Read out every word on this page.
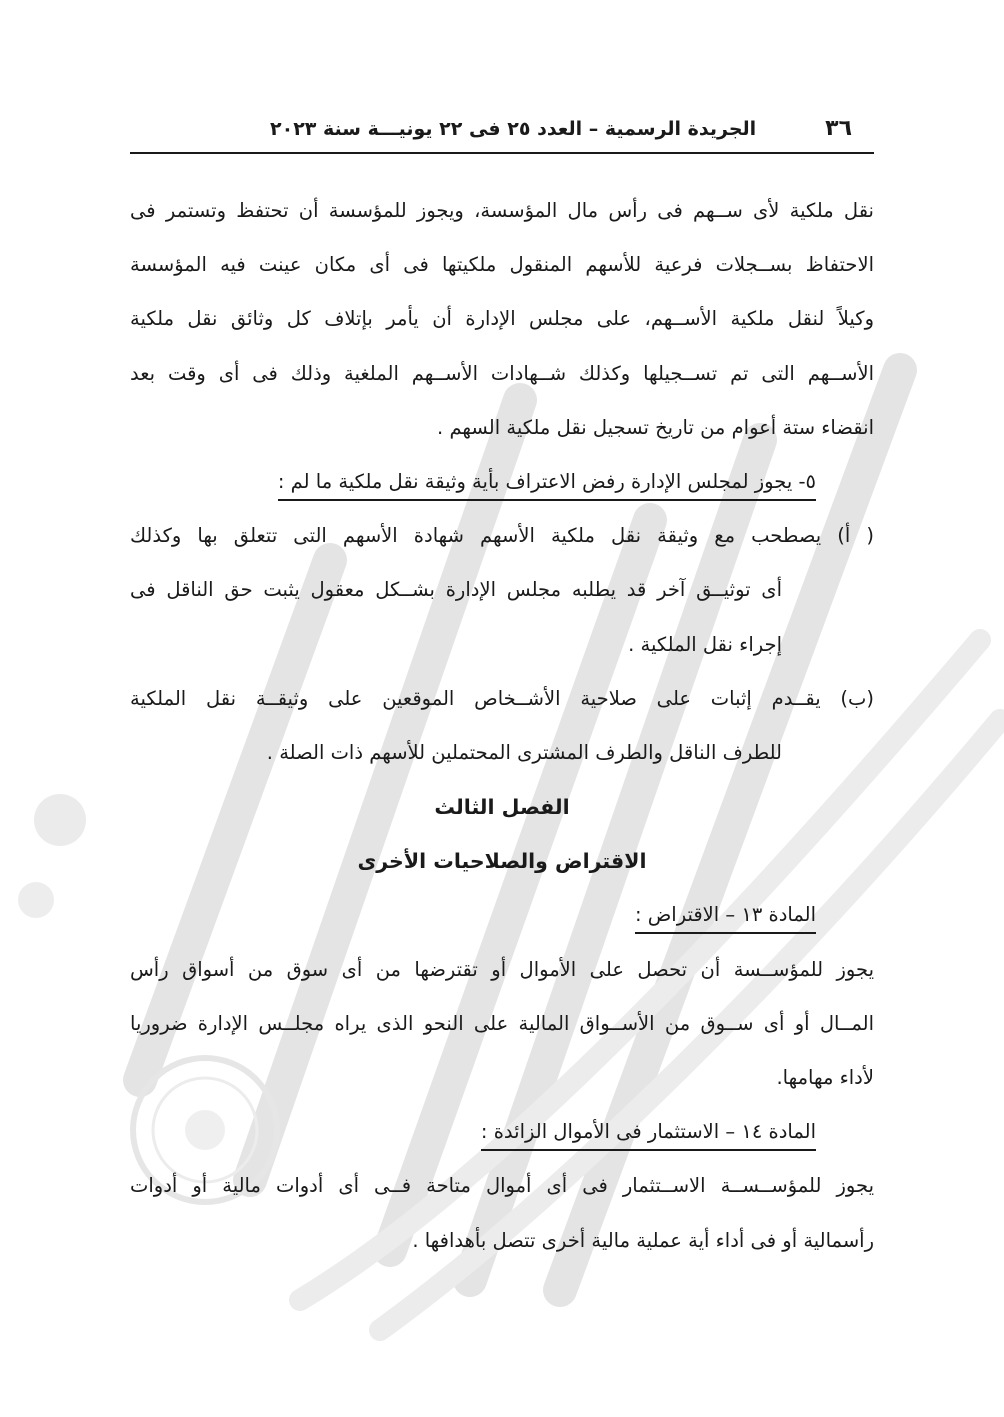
٣٦
الجريدة الرسمية – العدد ٢٥ فى ٢٢ يونيـــة سنة ٢٠٢٣
نقل ملكية لأى ســهم فى رأس مال المؤسسة، ويجوز للمؤسسة أن تحتفظ وتستمر فى
الاحتفاظ بســجلات فرعية للأسهم المنقول ملكيتها فى أى مكان عينت فيه المؤسسة
وكيلاً لنقل ملكية الأســهم، على مجلس الإدارة أن يأمر بإتلاف كل وثائق نقل ملكية
الأســهم التى تم تســجيلها وكذلك شــهادات الأســهم الملغية وذلك فى أى وقت بعد
انقضاء ستة أعوام من تاريخ تسجيل نقل ملكية السهم .
٥- يجوز لمجلس الإدارة رفض الاعتراف بأية وثيقة نقل ملكية ما لم :
( أ) يصطحب مع وثيقة نقل ملكية الأسهم شهادة الأسهم التى تتعلق بها وكذلك
أى توثيــق آخر قد يطلبه مجلس الإدارة بشــكل معقول يثبت حق الناقل فى
إجراء نقل الملكية .
(ب) يقــدم إثبات على صلاحية الأشــخاص الموقعين على وثيقــة نقل الملكية
للطرف الناقل والطرف المشترى المحتملين للأسهم ذات الصلة .
الفصل الثالث
الاقتراض والصلاحيات الأخرى
المادة ١٣ – الاقتراض :
يجوز للمؤســسة أن تحصل على الأموال أو تقترضها من أى سوق من أسواق رأس
المــال أو أى ســوق من الأســواق المالية على النحو الذى يراه مجلــس الإدارة ضروريا
لأداء مهامها.
المادة ١٤ – الاستثمار فى الأموال الزائدة :
يجوز للمؤســســة الاســتثمار فى أى أموال متاحة فــى أى أدوات مالية أو أدوات
رأسمالية أو فى أداء أية عملية مالية أخرى تتصل بأهدافها .
